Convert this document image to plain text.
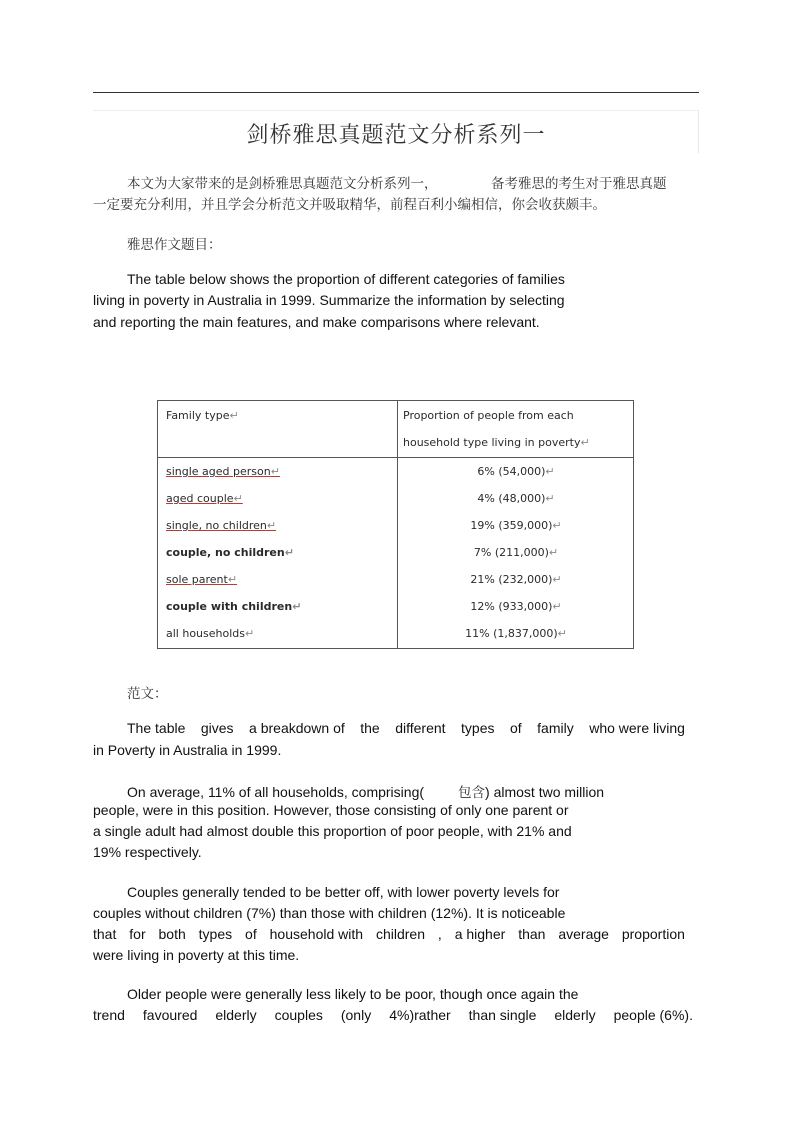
剑桥雅思真题范文分析系列一
本文为大家带来的是剑桥雅思真题范文分析系列一，	备考雅思的考生对于雅思真题
一定要充分利用，并且学会分析范文并吸取精华，前程百利小编相信，你会收获颇丰。
雅思作文题目：
The table below shows the proportion of different categories of families
living in poverty in Australia in 1999. Summarize the information by selecting
and reporting the main features, and make comparisons where relevant.
Family type↵	Proportion of people from each
household type living in poverty↵
single aged person↵	6% (54,000)↵
aged couple↵	4% (48,000)↵
single, no children↵	19% (359,000)↵
couple, no children↵	7% (211,000)↵
sole parent↵	21% (232,000)↵
couple with children↵	12% (933,000)↵
all households↵	11% (1,837,000)↵
范文：
The table gives a breakdown of the different types of family who were living
in Poverty in Australia in 1999.
On average, 11% of all households, comprising(	包含) almost two million
people, were in this position. However, those consisting of only one parent or
a single adult had almost double this proportion of poor people, with 21% and
19% respectively.
Couples generally tended to be better off, with lower poverty levels for
couples without children (7%) than those with children (12%). It is noticeable
that for both types of household with children , a higher than average proportion
were living in poverty at this time.
Older people were generally less likely to be poor, though once again the
trend favoured elderly couples (only 4%)rather than single elderly people (6%).
